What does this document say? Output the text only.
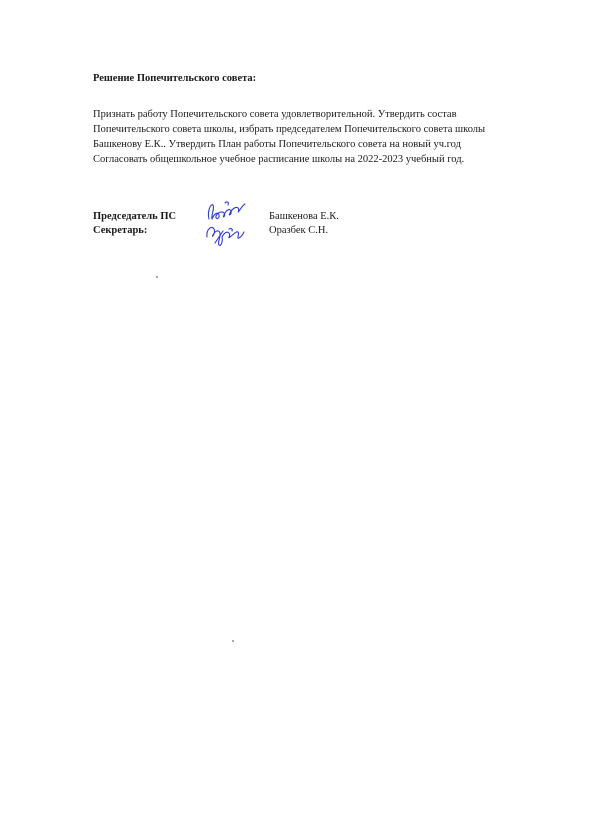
Решение Попечительского совета:
Признать работу Попечительского совета удовлетворительной. Утвердить состав
Попечительского совета школы, избрать председателем Попечительского совета школы
Башкенову Е.К.. Утвердить План работы Попечительского совета на новый уч.год
Согласовать общешкольное учебное расписание школы на 2022-2023 учебный год.
Председатель ПС
Секретарь:
Башкенова Е.К.
Оразбек С.Н.
